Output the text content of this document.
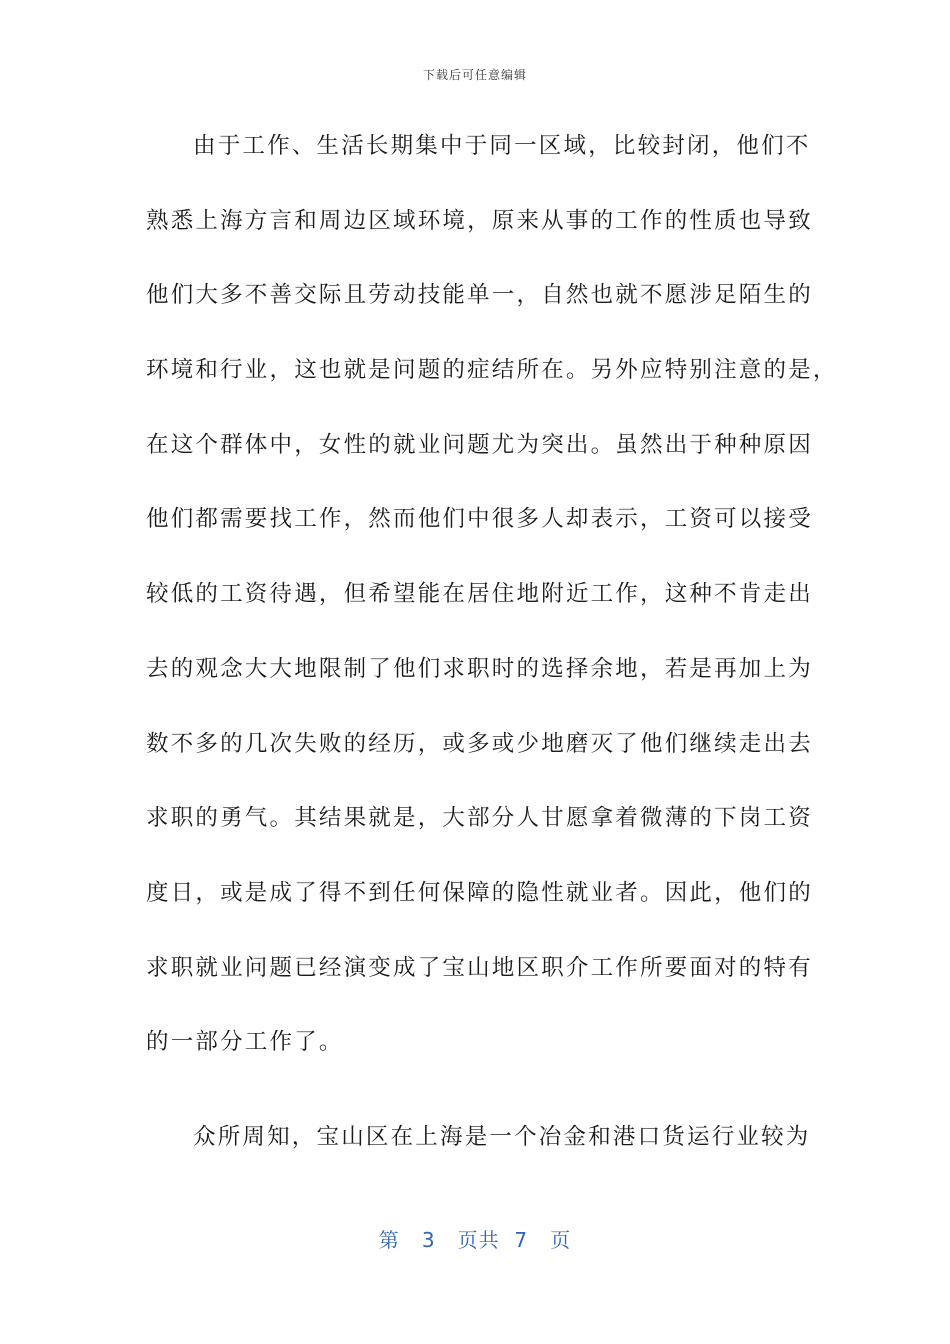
下载后可任意编辑
由于工作、生活长期集中于同一区域，比较封闭，他们不
熟悉上海方言和周边区域环境，原来从事的工作的性质也导致
他们大多不善交际且劳动技能单一，自然也就不愿涉足陌生的
环境和行业，这也就是问题的症结所在。另外应特别注意的是，
在这个群体中，女性的就业问题尤为突出。虽然出于种种原因
他们都需要找工作，然而他们中很多人却表示，工资可以接受
较低的工资待遇，但希望能在居住地附近工作，这种不肯走出
去的观念大大地限制了他们求职时的选择余地，若是再加上为
数不多的几次失败的经历，或多或少地磨灭了他们继续走出去
求职的勇气。其结果就是，大部分人甘愿拿着微薄的下岗工资
度日，或是成了得不到任何保障的隐性就业者。因此，他们的
求职就业问题已经演变成了宝山地区职介工作所要面对的特有
的一部分工作了。
众所周知，宝山区在上海是一个冶金和港口货运行业较为
第 3 页共 7 页
